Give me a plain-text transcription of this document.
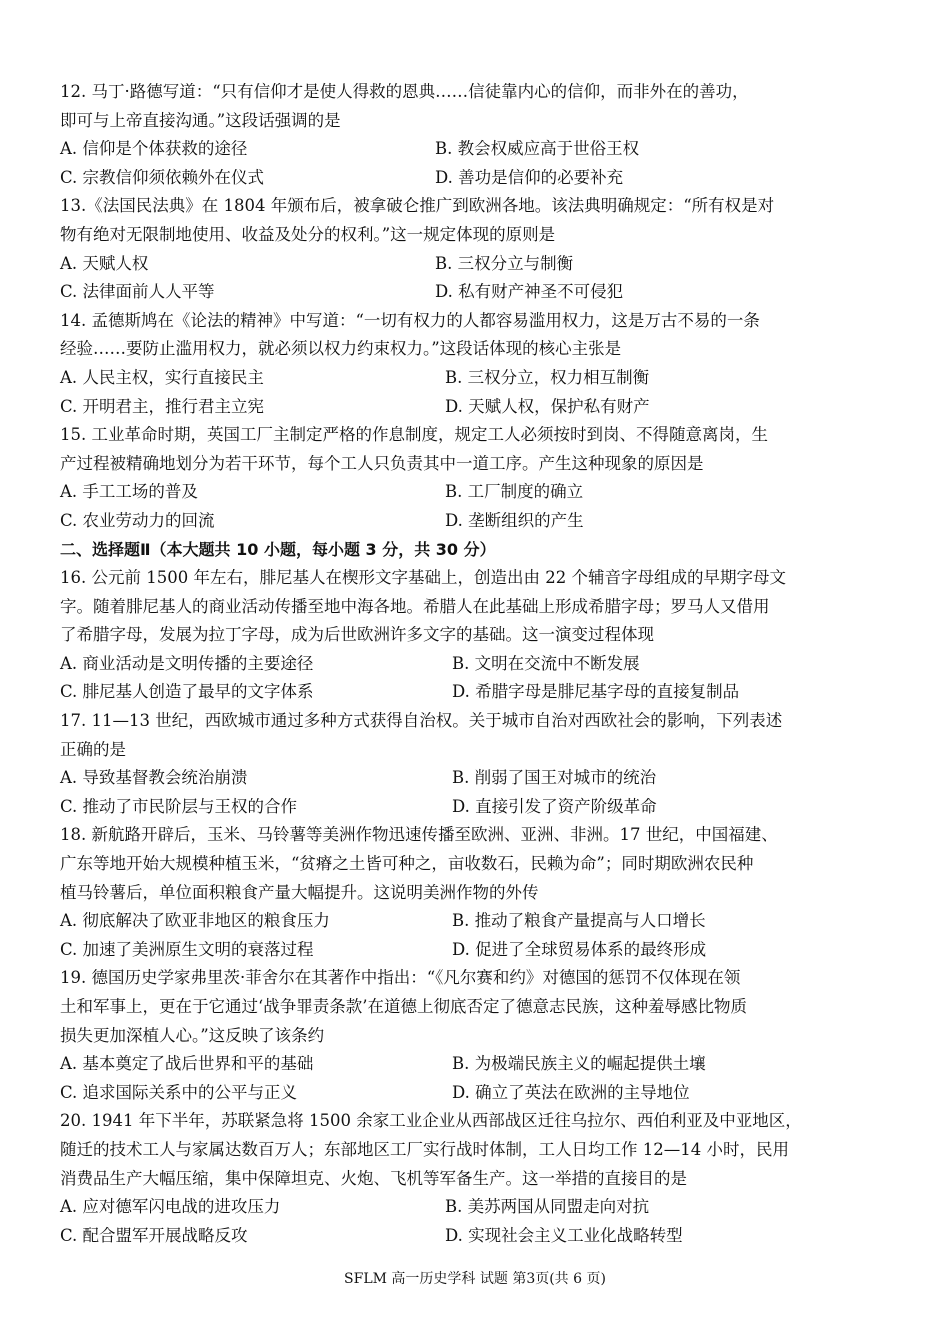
12. 马丁·路德写道：“只有信仰才是使人得救的恩典……信徒靠内心的信仰，而非外在的善功，
即可与上帝直接沟通。”这段话强调的是
A. 信仰是个体获救的途径	B. 教会权威应高于世俗王权
C. 宗教信仰须依赖外在仪式	D. 善功是信仰的必要补充
13.《法国民法典》在 1804 年颁布后，被拿破仑推广到欧洲各地。该法典明确规定：“所有权是对
物有绝对无限制地使用、收益及处分的权利。”这一规定体现的原则是
A. 天赋人权	B. 三权分立与制衡
C. 法律面前人人平等	D. 私有财产神圣不可侵犯
14. 孟德斯鸠在《论法的精神》中写道：“一切有权力的人都容易滥用权力，这是万古不易的一条
经验……要防止滥用权力，就必须以权力约束权力。”这段话体现的核心主张是
A. 人民主权，实行直接民主	B. 三权分立，权力相互制衡
C. 开明君主，推行君主立宪	D. 天赋人权，保护私有财产
15. 工业革命时期，英国工厂主制定严格的作息制度，规定工人必须按时到岗、不得随意离岗，生
产过程被精确地划分为若干环节，每个工人只负责其中一道工序。产生这种现象的原因是
A. 手工工场的普及	B. 工厂制度的确立
C. 农业劳动力的回流	D. 垄断组织的产生
二、选择题Ⅱ（本大题共 10 小题，每小题 3 分，共 30 分）
16. 公元前 1500 年左右，腓尼基人在楔形文字基础上，创造出由 22 个辅音字母组成的早期字母文
字。随着腓尼基人的商业活动传播至地中海各地。希腊人在此基础上形成希腊字母；罗马人又借用
了希腊字母，发展为拉丁字母，成为后世欧洲许多文字的基础。这一演变过程体现
A. 商业活动是文明传播的主要途径	B. 文明在交流中不断发展
C. 腓尼基人创造了最早的文字体系	D. 希腊字母是腓尼基字母的直接复制品
17. 11—13 世纪，西欧城市通过多种方式获得自治权。关于城市自治对西欧社会的影响，下列表述
正确的是
A. 导致基督教会统治崩溃	B. 削弱了国王对城市的统治
C. 推动了市民阶层与王权的合作	D. 直接引发了资产阶级革命
18. 新航路开辟后，玉米、马铃薯等美洲作物迅速传播至欧洲、亚洲、非洲。17 世纪，中国福建、
广东等地开始大规模种植玉米，“贫瘠之土皆可种之，亩收数石，民赖为命”；同时期欧洲农民种
植马铃薯后，单位面积粮食产量大幅提升。这说明美洲作物的外传
A. 彻底解决了欧亚非地区的粮食压力	B. 推动了粮食产量提高与人口增长
C. 加速了美洲原生文明的衰落过程	D. 促进了全球贸易体系的最终形成
19. 德国历史学家弗里茨·菲舍尔在其著作中指出：“《凡尔赛和约》对德国的惩罚不仅体现在领
土和军事上，更在于它通过‘战争罪责条款’在道德上彻底否定了德意志民族，这种羞辱感比物质
损失更加深植人心。”这反映了该条约
A. 基本奠定了战后世界和平的基础	B. 为极端民族主义的崛起提供土壤
C. 追求国际关系中的公平与正义	D. 确立了英法在欧洲的主导地位
20. 1941 年下半年，苏联紧急将 1500 余家工业企业从西部战区迁往乌拉尔、西伯利亚及中亚地区，
随迁的技术工人与家属达数百万人；东部地区工厂实行战时体制，工人日均工作 12—14 小时，民用
消费品生产大幅压缩，集中保障坦克、火炮、飞机等军备生产。这一举措的直接目的是
A. 应对德军闪电战的进攻压力	B. 美苏两国从同盟走向对抗
C. 配合盟军开展战略反攻	D. 实现社会主义工业化战略转型
SFLM 高一历史学科 试题 第3页(共 6 页)
